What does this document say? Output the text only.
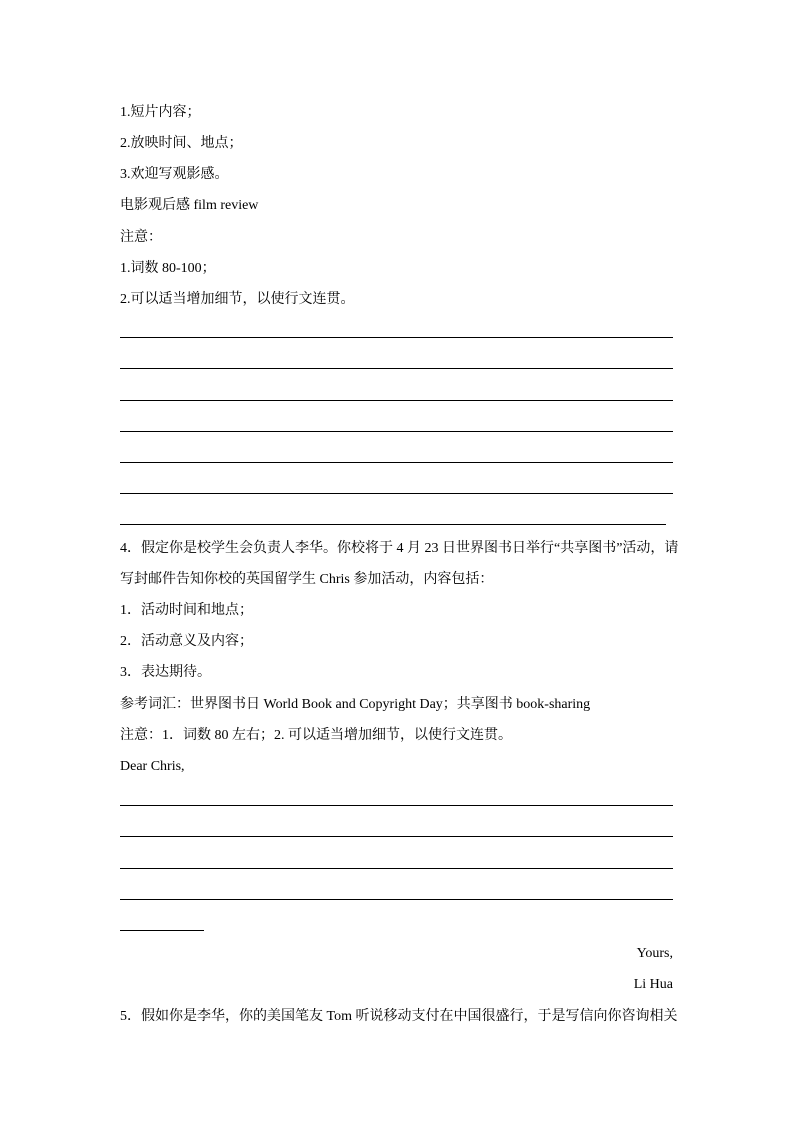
1.短片内容；
2.放映时间、地点；
3.欢迎写观影感。
电影观后感 film review
注意：
1.词数 80-100；
2.可以适当增加细节，以使行文连贯。
4．假定你是校学生会负责人李华。你校将于 4 月 23 日世界图书日举行“共享图书”活动，请
写封邮件告知你校的英国留学生 Chris 参加活动，内容包括：
1．活动时间和地点；
2．活动意义及内容；
3．表达期待。
参考词汇：世界图书日 World Book and Copyright Day；共享图书 book-sharing
注意：1．词数 80 左右；2. 可以适当增加细节，以使行文连贯。
Dear Chris,
Yours,
Li Hua
5．假如你是李华，你的美国笔友 Tom 听说移动支付在中国很盛行，于是写信向你咨询相关
